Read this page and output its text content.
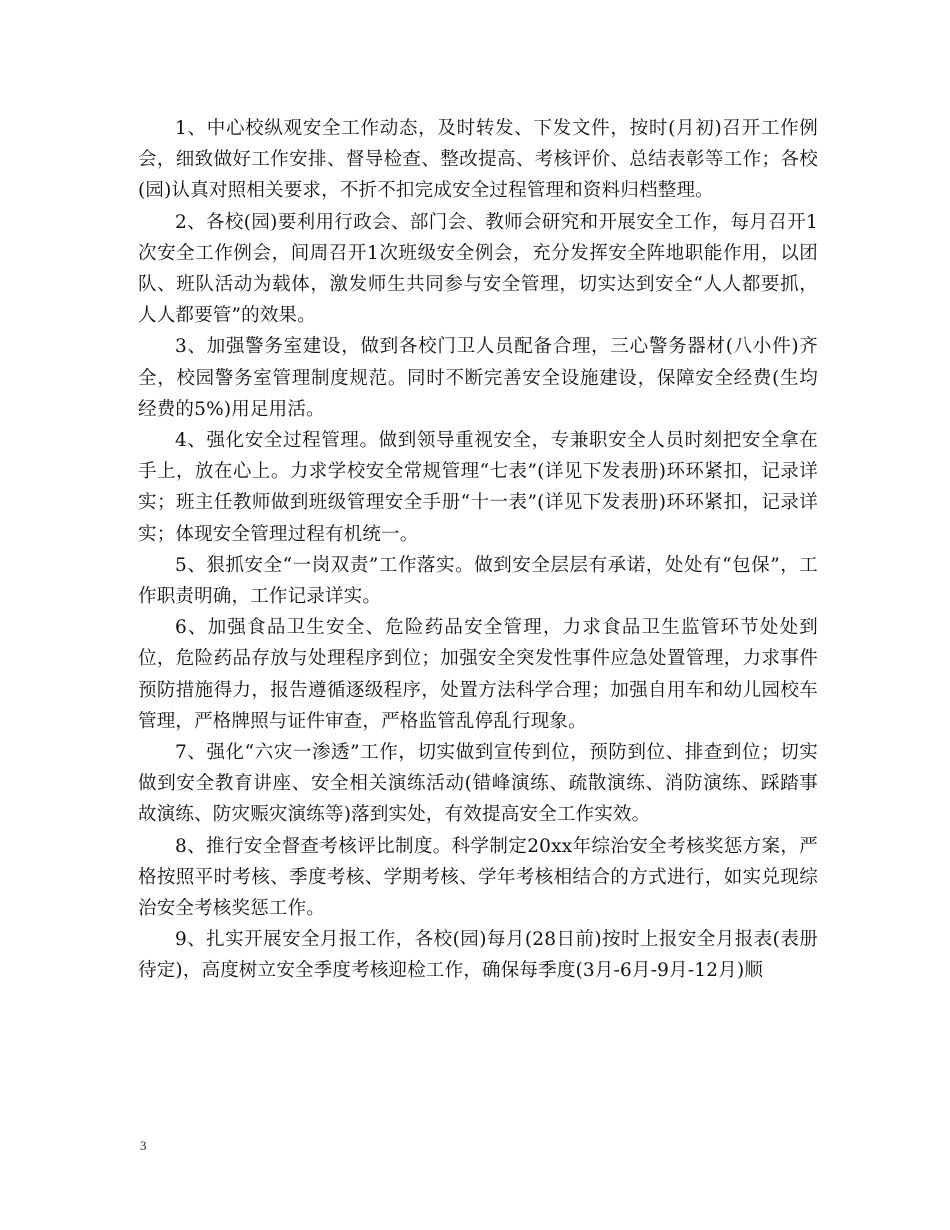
1、中心校纵观安全工作动态，及时转发、下发文件，按时(月初)召开工作例会，细致做好工作安排、督导检查、整改提高、考核评价、总结表彰等工作；各校(园)认真对照相关要求，不折不扣完成安全过程管理和资料归档整理。

2、各校(园)要利用行政会、部门会、教师会研究和开展安全工作，每月召开1次安全工作例会，间周召开1次班级安全例会，充分发挥安全阵地职能作用，以团队、班队活动为载体，激发师生共同参与安全管理，切实达到安全“人人都要抓，人人都要管”的效果。

3、加强警务室建设，做到各校门卫人员配备合理，三心警务器材(八小件)齐全，校园警务室管理制度规范。同时不断完善安全设施建设，保障安全经费(生均经费的5%)用足用活。

4、强化安全过程管理。做到领导重视安全，专兼职安全人员时刻把安全拿在手上，放在心上。力求学校安全常规管理“七表”(详见下发表册)环环紧扣，记录详实；班主任教师做到班级管理安全手册“十一表”(详见下发表册)环环紧扣，记录详实；体现安全管理过程有机统一。

5、狠抓安全“一岗双责”工作落实。做到安全层层有承诺，处处有“包保”，工作职责明确，工作记录详实。

6、加强食品卫生安全、危险药品安全管理，力求食品卫生监管环节处处到位，危险药品存放与处理程序到位；加强安全突发性事件应急处置管理，力求事件预防措施得力，报告遵循逐级程序，处置方法科学合理；加强自用车和幼儿园校车管理，严格牌照与证件审查，严格监管乱停乱行现象。

7、强化“六灾一渗透”工作，切实做到宣传到位，预防到位、排查到位；切实做到安全教育讲座、安全相关演练活动(错峰演练、疏散演练、消防演练、踩踏事故演练、防灾赈灾演练等)落到实处，有效提高安全工作实效。

8、推行安全督查考核评比制度。科学制定20xx年综治安全考核奖惩方案，严格按照平时考核、季度考核、学期考核、学年考核相结合的方式进行，如实兑现综治安全考核奖惩工作。

9、扎实开展安全月报工作，各校(园)每月(28日前)按时上报安全月报表(表册待定)，高度树立安全季度考核迎检工作，确保每季度(3月-6月-9月-12月)顺

3
